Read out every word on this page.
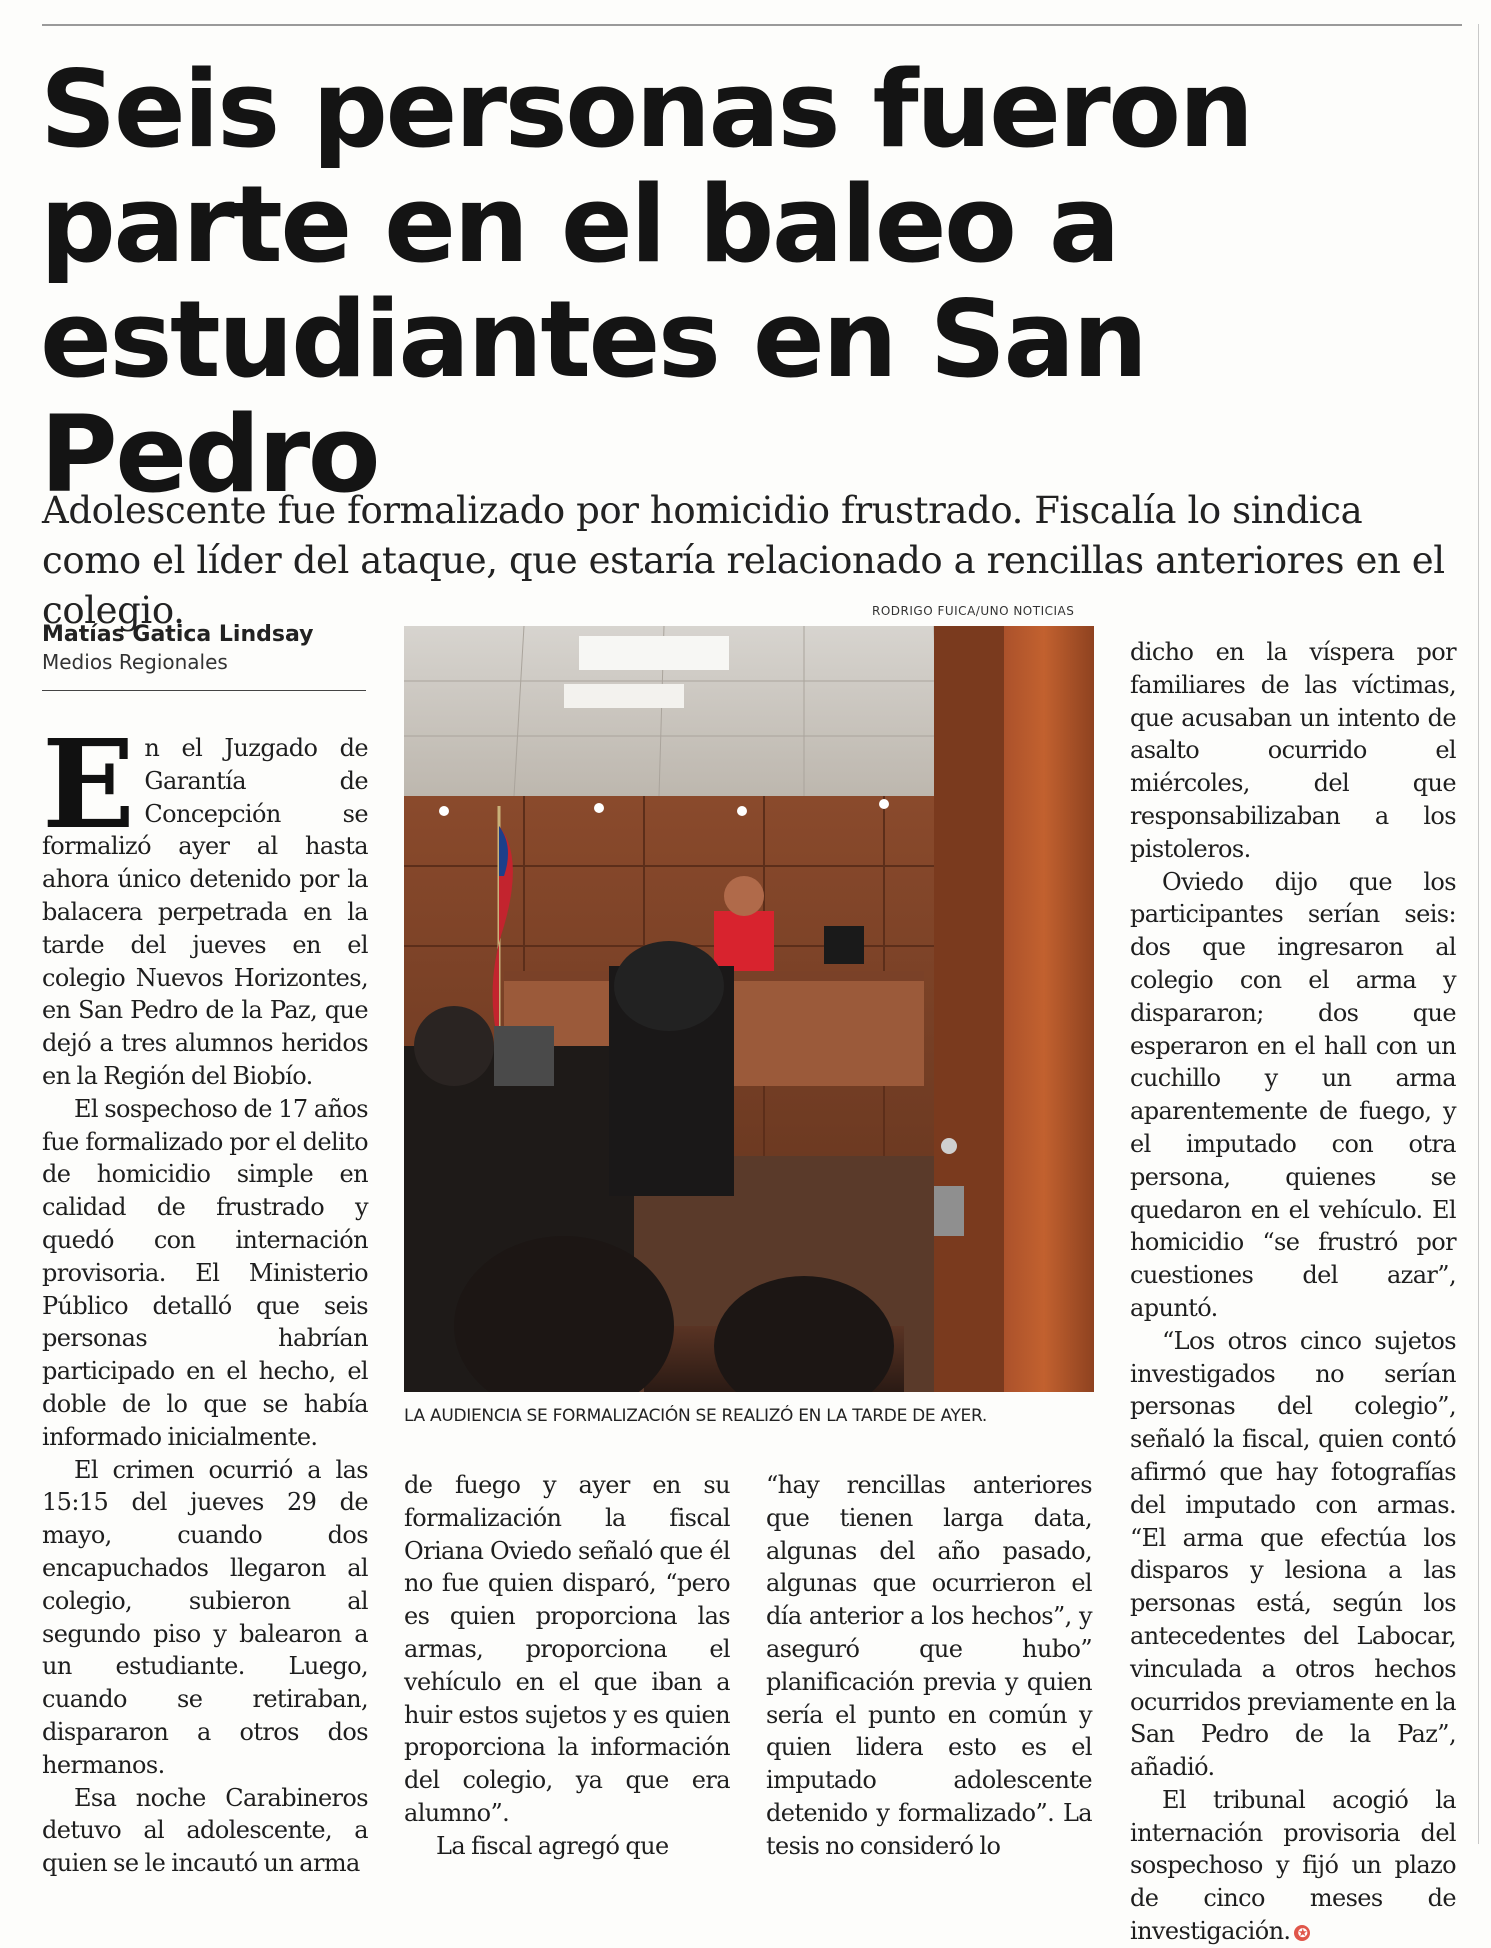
Seis personas fueron parte en el baleo a estudiantes en San Pedro

Adolescente fue formalizado por homicidio frustrado. Fiscalía lo sindica como el líder del ataque, que estaría relacionado a rencillas anteriores en el colegio.

Matías Gatica Lindsay
Medios Regionales

En el Juzgado de Garantía de Concepción se formalizó ayer al hasta ahora único detenido por la balacera perpetrada en la tarde del jueves en el colegio Nuevos Horizontes, en San Pedro de la Paz, que dejó a tres alumnos heridos en la Región del Biobío.

El sospechoso de 17 años fue formalizado por el delito de homicidio simple en calidad de frustrado y quedó con internación provisoria. El Ministerio Público detalló que seis personas habrían participado en el hecho, el doble de lo que se había informado inicialmente.

El crimen ocurrió a las 15:15 del jueves 29 de mayo, cuando dos encapuchados llegaron al colegio, subieron al segundo piso y balearon a un estudiante. Luego, cuando se retiraban, dispararon a otros dos hermanos.

Esa noche Carabineros detuvo al adolescente, a quien se le incautó un arma

RODRIGO FUICA/UNO NOTICIAS
LA AUDIENCIA SE FORMALIZACIÓN SE REALIZÓ EN LA TARDE DE AYER.

de fuego y ayer en su formalización la fiscal Oriana Oviedo señaló que él no fue quien disparó, “pero es quien proporciona las armas, proporciona el vehículo en el que iban a huir estos sujetos y es quien proporciona la información del colegio, ya que era alumno”.

La fiscal agregó que

“hay rencillas anteriores que tienen larga data, algunas del año pasado, algunas que ocurrieron el día anterior a los hechos”, y aseguró que hubo” planificación previa y quien sería el punto en común y quien lidera esto es el imputado adolescente detenido y formalizado”. La tesis no consideró lo

dicho en la víspera por familiares de las víctimas, que acusaban un intento de asalto ocurrido el miércoles, del que responsabilizaban a los pistoleros.

Oviedo dijo que los participantes serían seis: dos que ingresaron al colegio con el arma y dispararon; dos que esperaron en el hall con un cuchillo y un arma aparentemente de fuego, y el imputado con otra persona, quienes se quedaron en el vehículo. El homicidio “se frustró por cuestiones del azar”, apuntó.

“Los otros cinco sujetos investigados no serían personas del colegio”, señaló la fiscal, quien contó afirmó que hay fotografías del imputado con armas. “El arma que efectúa los disparos y lesiona a las personas está, según los antecedentes del Labocar, vinculada a otros hechos ocurridos previamente en la San Pedro de la Paz”, añadió.

El tribunal acogió la internación provisoria del sospechoso y fijó un plazo de cinco meses de investigación. ✪
